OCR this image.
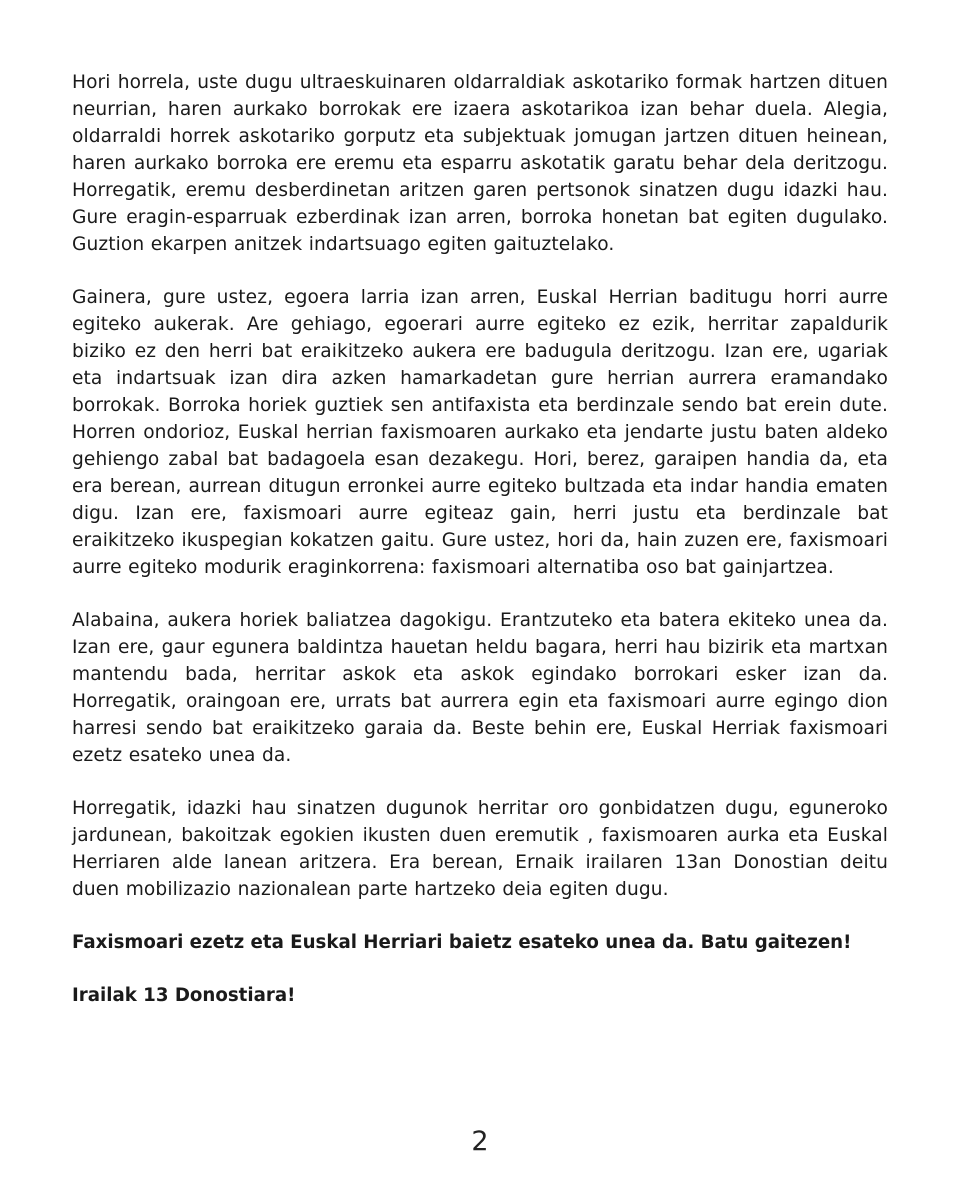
Hori horrela, uste dugu ultraeskuinaren oldarraldiak askotariko formak hartzen dituen neurrian, haren aurkako borrokak ere izaera askotarikoa izan behar duela. Alegia, oldarraldi horrek askotariko gorputz eta subjektuak jomugan jartzen dituen heinean, haren aurkako borroka ere eremu eta esparru askotatik garatu behar dela deritzogu. Horregatik, eremu desberdinetan aritzen garen pertsonok sinatzen dugu idazki hau. Gure eragin-esparruak ezberdinak izan arren, borroka honetan bat egiten dugulako. Guztion ekarpen anitzek indartsuago egiten gaituztelako.

Gainera, gure ustez, egoera larria izan arren, Euskal Herrian baditugu horri aurre egiteko aukerak. Are gehiago, egoerari aurre egiteko ez ezik, herritar zapaldurik biziko ez den herri bat eraikitzeko aukera ere badugula deritzogu. Izan ere, ugariak eta indartsuak izan dira azken hamarkadetan gure herrian aurrera eramandako borrokak. Borroka horiek guztiek sen antifaxista eta berdinzale sendo bat erein dute. Horren ondorioz, Euskal herrian faxismoaren aurkako eta jendarte justu baten aldeko gehiengo zabal bat badagoela esan dezakegu. Hori, berez, garaipen handia da, eta era berean, aurrean ditugun erronkei aurre egiteko bultzada eta indar handia ematen digu. Izan ere, faxismoari aurre egiteaz gain, herri justu eta berdinzale bat eraikitzeko ikuspegian kokatzen gaitu. Gure ustez, hori da, hain zuzen ere, faxismoari aurre egiteko modurik eraginkorrena: faxismoari alternatiba oso bat gainjartzea.

Alabaina, aukera horiek baliatzea dagokigu. Erantzuteko eta batera ekiteko unea da. Izan ere, gaur egunera baldintza hauetan heldu bagara, herri hau bizirik eta martxan mantendu bada, herritar askok eta askok egindako borrokari esker izan da. Horregatik, oraingoan ere, urrats bat aurrera egin eta faxismoari aurre egingo dion harresi sendo bat eraikitzeko garaia da. Beste behin ere, Euskal Herriak faxismoari ezetz esateko unea da.

Horregatik, idazki hau sinatzen dugunok herritar oro gonbidatzen dugu, eguneroko jardunean, bakoitzak egokien ikusten duen eremutik , faxismoaren aurka eta Euskal Herriaren alde lanean aritzera. Era berean, Ernaik irailaren 13an Donostian deitu duen mobilizazio nazionalean parte hartzeko deia egiten dugu.

Faxismoari ezetz eta Euskal Herriari baietz esateko unea da. Batu gaitezen!

Irailak 13 Donostiara!

2
